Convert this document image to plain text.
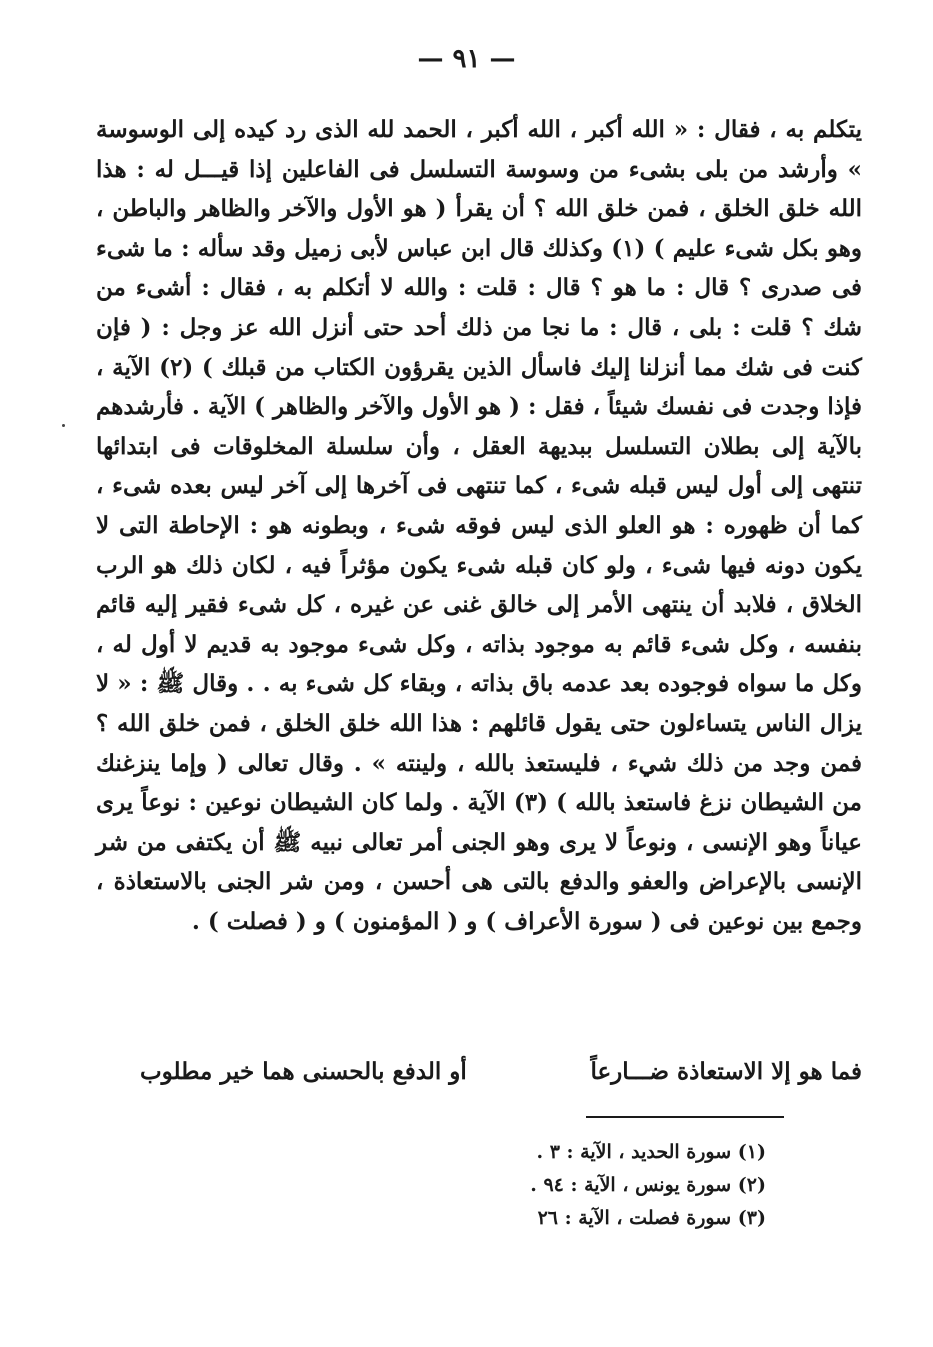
— ٩١ —

يتكلم به ، فقال : « الله أكبر ، الله أكبر ، الحمد لله الذى رد كيده إلى الوسوسة » وأرشد من بلى بشىء من وسوسة التسلسل فى الفاعلين إذا قيـــل له : هذا الله خلق الخلق ، فمن خلق الله ؟ أن يقرأ ( هو الأول والآخر والظاهر والباطن ، وهو بكل شىء عليم ) (١) وكذلك قال ابن عباس لأبى زميل وقد سأله : ما شىء فى صدرى ؟ قال : ما هو ؟ قال : قلت : والله لا أتكلم به ، فقال : أشىء من شك ؟ قلت : بلى ، قال : ما نجا من ذلك أحد حتى أنزل الله عز وجل : ( فإن كنت فى شك مما أنزلنا إليك فاسأل الذين يقرؤون الكتاب من قبلك ) (٢) الآية ، فإذا وجدت فى نفسك شيئاً ، فقل : ( هو الأول والآخر والظاهر ) الآية . فأرشدهم بالآية إلى بطلان التسلسل ببديهة العقل ، وأن سلسلة المخلوقات فى ابتدائها تنتهى إلى أول ليس قبله شىء ، كما تنتهى فى آخرها إلى آخر ليس بعده شىء ، كما أن ظهوره : هو العلو الذى ليس فوقه شىء ، وبطونه هو : الإحاطة التى لا يكون دونه فيها شىء ، ولو كان قبله شىء يكون مؤثراً فيه ، لكان ذلك هو الرب الخلاق ، فلابد أن ينتهى الأمر إلى خالق غنى عن غيره ، كل شىء فقير إليه قائم بنفسه ، وكل شىء قائم به موجود بذاته ، وكل شىء موجود به قديم لا أول له ، وكل ما سواه فوجوده بعد عدمه باق بذاته ، وبقاء كل شىء به . . وقال ﷺ : « لا يزال الناس يتساءلون حتى يقول قائلهم : هذا الله خلق الخلق ، فمن خلق الله ؟ فمن وجد من ذلك شيء ، فليستعذ بالله ، ولينته » . وقال تعالى ( وإما ينزغنك من الشيطان نزغ فاستعذ بالله ) (٣) الآية . ولما كان الشيطان نوعين : نوعاً يرى عياناً وهو الإنسى ، ونوعاً لا يرى وهو الجنى أمر تعالى نبيه ﷺ أن يكتفى من شر الإنسى بالإعراض والعفو والدفع بالتى هى أحسن ، ومن شر الجنى بالاستعاذة ، وجمع بين نوعين فى ( سورة الأعراف ) و ( المؤمنون ) و ( فصلت ) .

فما هو إلا الاستعاذة ضـــارعاً
أو الدفع بالحسنى هما خير مطلوب
(١) سورة الحديد ، الآية : ٣ .
(٢) سورة يونس ، الآية : ٩٤ .
(٣) سورة فصلت ، الآية : ٢٦
